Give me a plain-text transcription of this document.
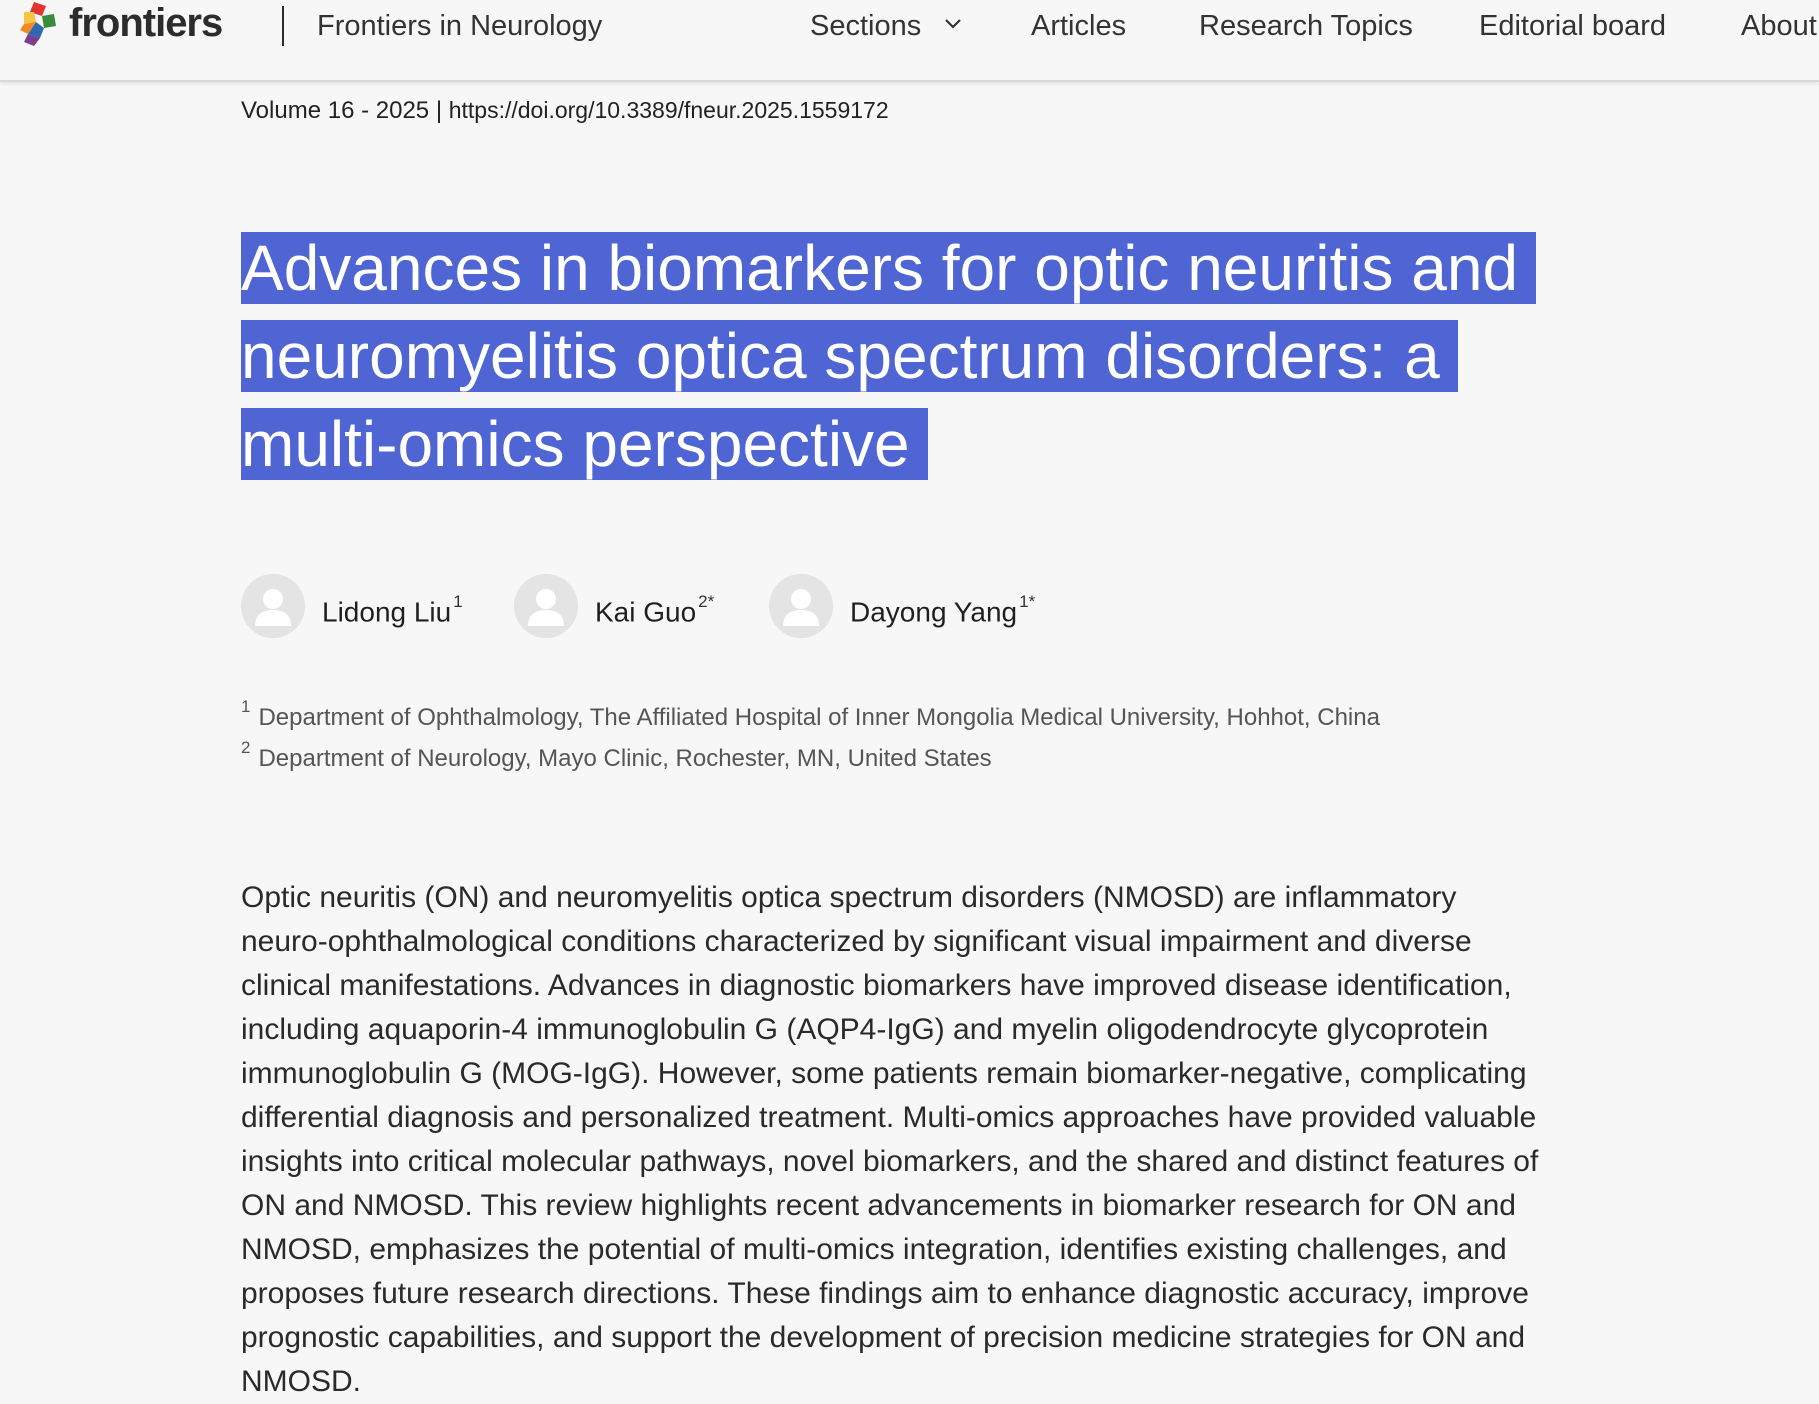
frontiers	Frontiers in Neurology	Sections	Articles	Research Topics Editorial board	About
Volume 16 - 2025 | https://doi.org/10.3389/fneur.2025.1559172
Advances in biomarkers for optic neuritis and
neuromyelitis optica spectrum disorders: a
multi-omics perspective
Lidong Liu $^1$	Kai Guo $^{2*}$	Dayong Yang $^{1*}$
$^1$ Department of Ophthalmology, The Affiliated Hospital of Inner Mongolia Medical University, Hohhot, China
$^2$ Department of Neurology, Mayo Clinic, Rochester, MN, United States

Optic neuritis (ON) and neuromyelitis optica spectrum disorders (NMOSD) are inflammatory
neuro-ophthalmological conditions characterized by significant visual impairment and diverse
clinical manifestations. Advances in diagnostic biomarkers have improved disease identification,
including aquaporin-4 immunoglobulin G (AQP4-IgG) and myelin oligodendrocyte glycoprotein
immunoglobulin G (MOG-IgG). However, some patients remain biomarker-negative, complicating
differential diagnosis and personalized treatment. Multi-omics approaches have provided valuable
insights into critical molecular pathways, novel biomarkers, and the shared and distinct features of
ON and NMOSD. This review highlights recent advancements in biomarker research for ON and
NMOSD, emphasizes the potential of multi-omics integration, identifies existing challenges, and
proposes future research directions. These findings aim to enhance diagnostic accuracy, improve
prognostic capabilities, and support the development of precision medicine strategies for ON and
NMOSD.
